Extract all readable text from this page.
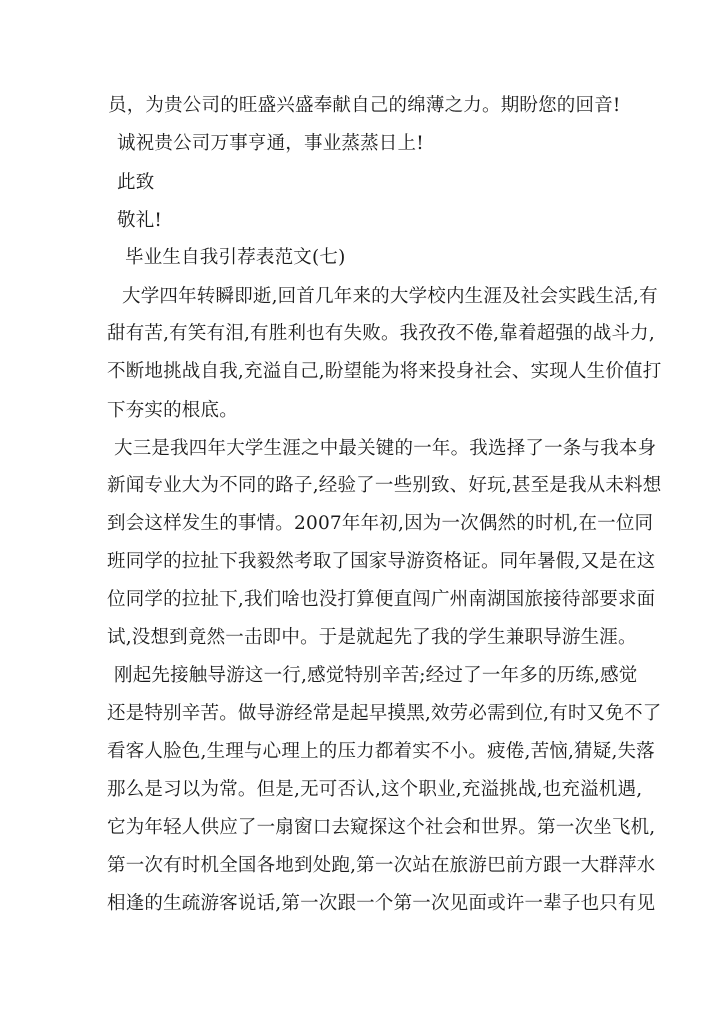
员，为贵公司的旺盛兴盛奉献自己的绵薄之力。期盼您的回音!
诚祝贵公司万事亨通，事业蒸蒸日上!
此致
敬礼!
毕业生自我引荐表范文(七)
大学四年转瞬即逝,回首几年来的大学校内生涯及社会实践生活,有
甜有苦,有笑有泪,有胜利也有失败。我孜孜不倦,靠着超强的战斗力,
不断地挑战自我,充溢自己,盼望能为将来投身社会、实现人生价值打
下夯实的根底。
大三是我四年大学生涯之中最关键的一年。我选择了一条与我本身
新闻专业大为不同的路子,经验了一些别致、好玩,甚至是我从未料想
到会这样发生的事情。2007年年初,因为一次偶然的时机,在一位同
班同学的拉扯下我毅然考取了国家导游资格证。同年暑假,又是在这
位同学的拉扯下,我们啥也没打算便直闯广州南湖国旅接待部要求面
试,没想到竟然一击即中。于是就起先了我的学生兼职导游生涯。
刚起先接触导游这一行,感觉特别辛苦;经过了一年多的历练,感觉
还是特别辛苦。做导游经常是起早摸黑,效劳必需到位,有时又免不了
看客人脸色,生理与心理上的压力都着实不小。疲倦,苦恼,猜疑,失落
那么是习以为常。但是,无可否认,这个职业,充溢挑战,也充溢机遇,
它为年轻人供应了一扇窗口去窥探这个社会和世界。第一次坐飞机,
第一次有时机全国各地到处跑,第一次站在旅游巴前方跟一大群萍水
相逢的生疏游客说话,第一次跟一个第一次见面或许一辈子也只有见
